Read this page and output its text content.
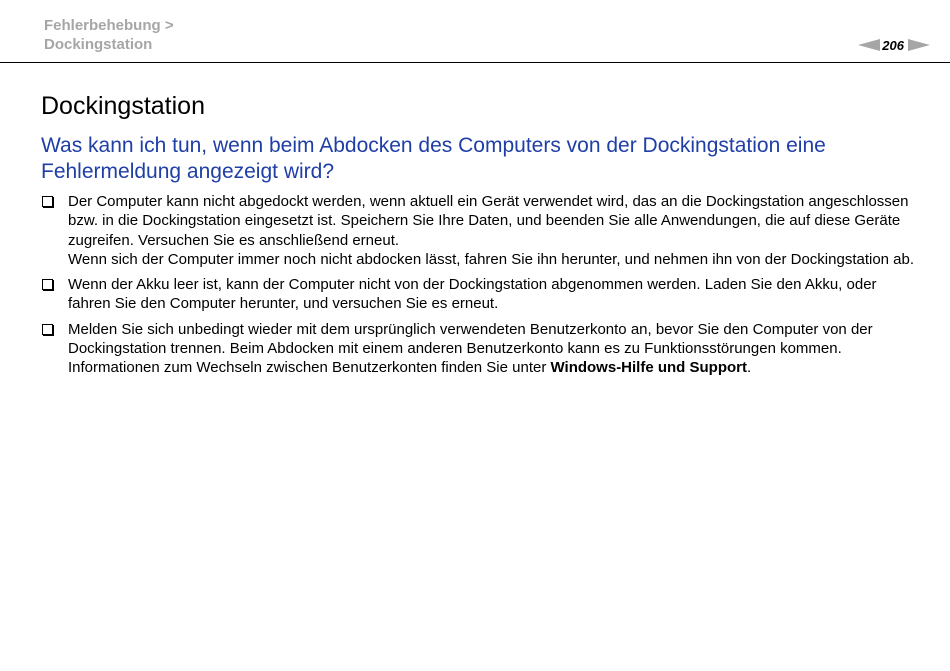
Fehlerbehebung >
Dockingstation	206
Dockingstation
Was kann ich tun, wenn beim Abdocken des Computers von der Dockingstation eine Fehlermeldung angezeigt wird?
Der Computer kann nicht abgedockt werden, wenn aktuell ein Gerät verwendet wird, das an die Dockingstation angeschlossen bzw. in die Dockingstation eingesetzt ist. Speichern Sie Ihre Daten, und beenden Sie alle Anwendungen, die auf diese Geräte zugreifen. Versuchen Sie es anschließend erneut.
Wenn sich der Computer immer noch nicht abdocken lässt, fahren Sie ihn herunter, und nehmen ihn von der Dockingstation ab.
Wenn der Akku leer ist, kann der Computer nicht von der Dockingstation abgenommen werden. Laden Sie den Akku, oder fahren Sie den Computer herunter, und versuchen Sie es erneut.
Melden Sie sich unbedingt wieder mit dem ursprünglich verwendeten Benutzerkonto an, bevor Sie den Computer von der Dockingstation trennen. Beim Abdocken mit einem anderen Benutzerkonto kann es zu Funktionsstörungen kommen. Informationen zum Wechseln zwischen Benutzerkonten finden Sie unter Windows-Hilfe und Support.
